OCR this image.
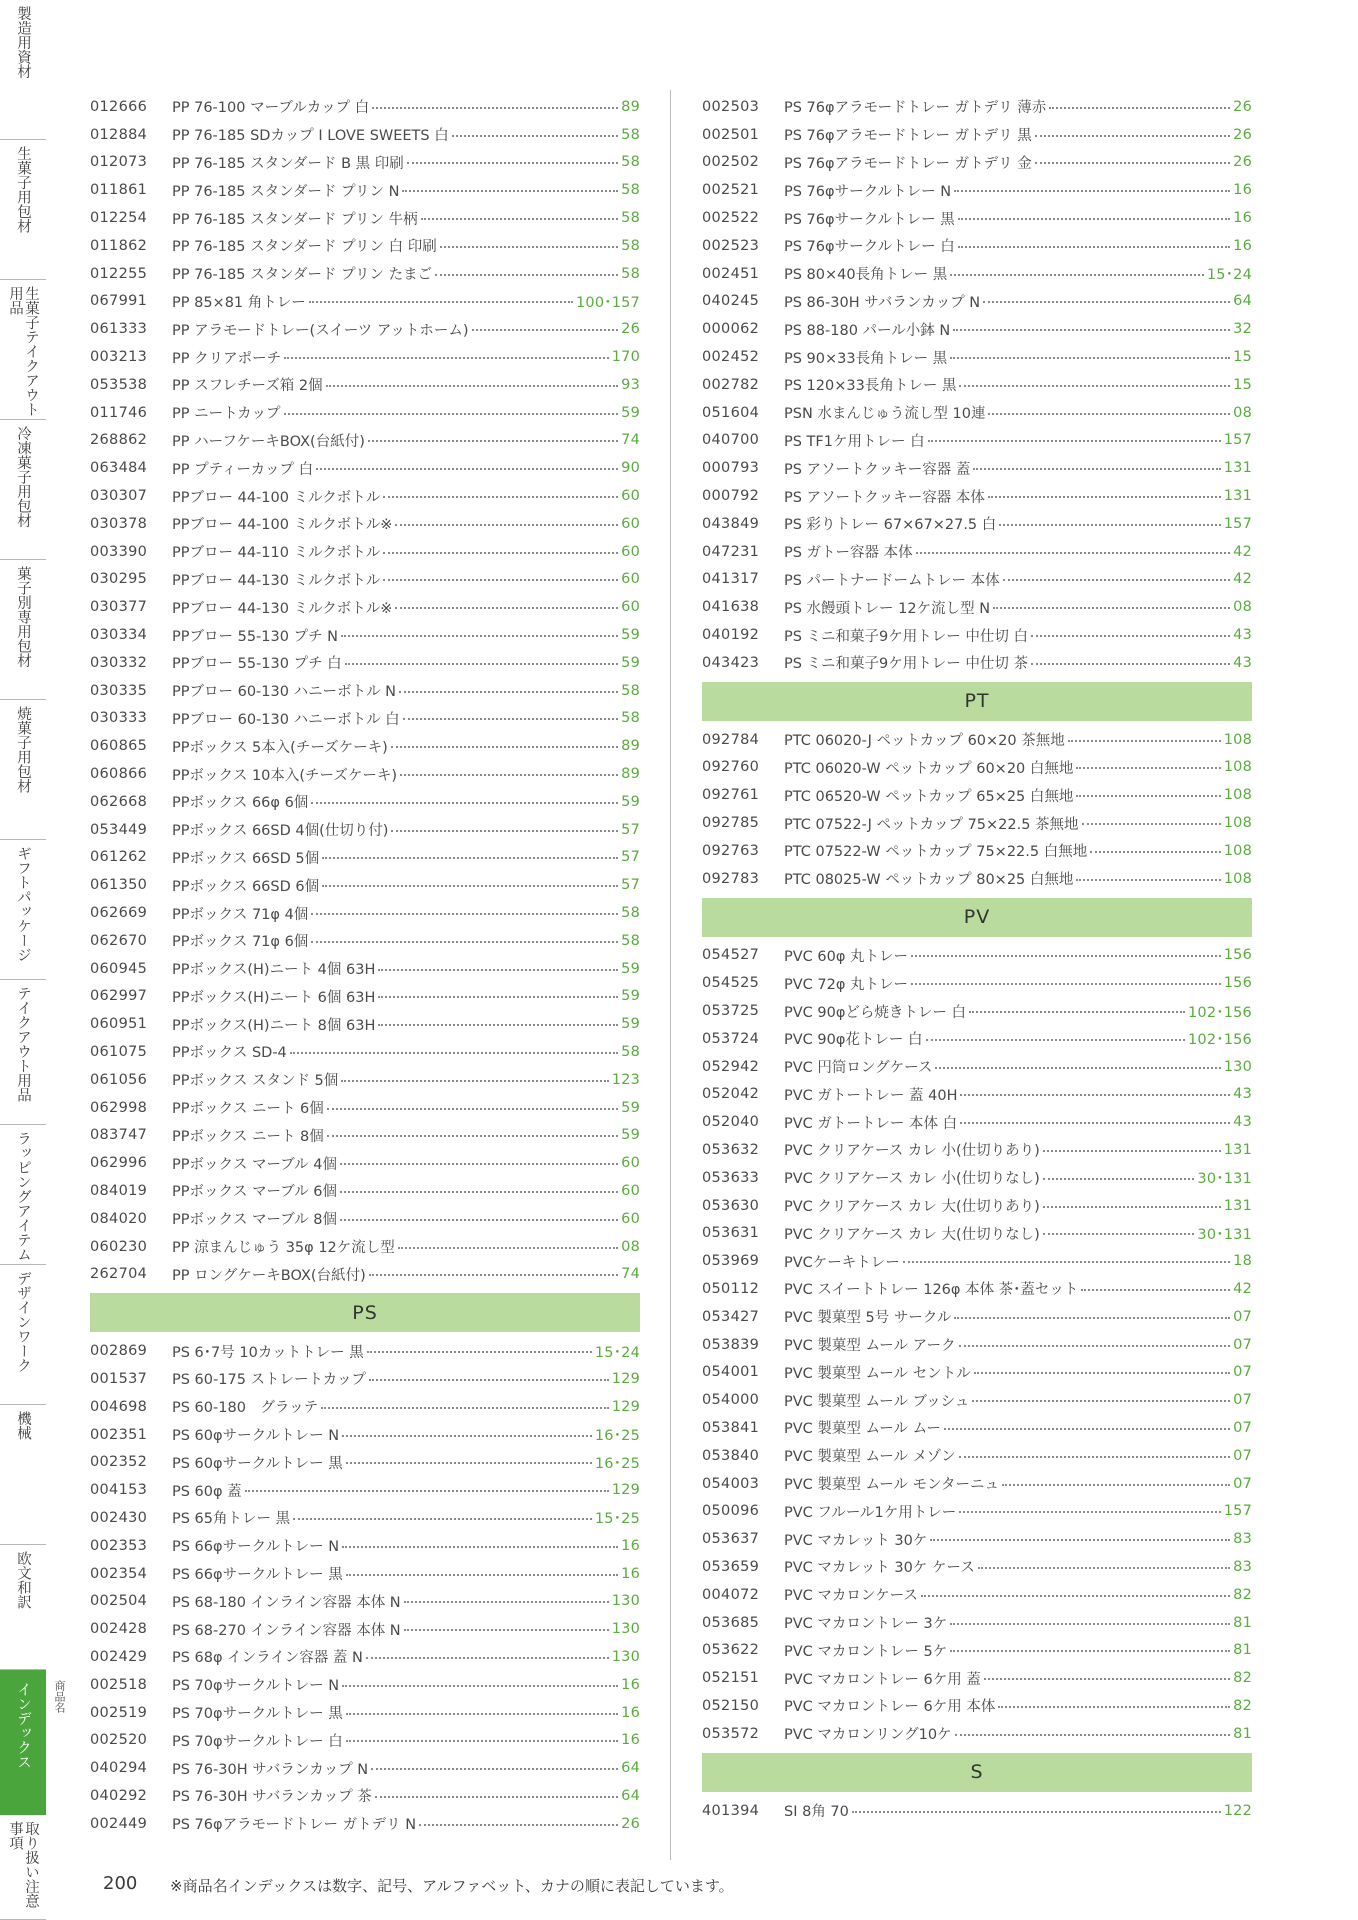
製造用資材
生菓子用包材
生菓子テイクアウト用品
冷凍菓子用包材
菓子別専用包材
焼菓子用包材
ギフトパッケージ
テイクアウト用品
ラッピングアイテム
デザインワーク
機械
欧文和訳
インデックス
取り扱い注意事項
商品名
012666	PP 76-100 マーブルカップ 白	89
012884	PP 76-185 SDカップ I LOVE SWEETS 白	58
012073	PP 76-185 スタンダード B 黒 印刷	58
011861	PP 76-185 スタンダード プリン N	58
012254	PP 76-185 スタンダード プリン 牛柄	58
011862	PP 76-185 スタンダード プリン 白 印刷	58
012255	PP 76-185 スタンダード プリン たまご	58
067991	PP 85×81 角トレー	100･157
061333	PP アラモードトレー(スイーツ アットホーム)	26
003213	PP クリアポーチ	170
053538	PP スフレチーズ箱 2個	93
011746	PP ニートカップ	59
268862	PP ハーフケーキBOX(台紙付)	74
063484	PP プティーカップ 白	90
030307	PPブロー 44-100 ミルクボトル	60
030378	PPブロー 44-100 ミルクボトル※	60
003390	PPブロー 44-110 ミルクボトル	60
030295	PPブロー 44-130 ミルクボトル	60
030377	PPブロー 44-130 ミルクボトル※	60
030334	PPブロー 55-130 プチ N	59
030332	PPブロー 55-130 プチ 白	59
030335	PPブロー 60-130 ハニーボトル N	58
030333	PPブロー 60-130 ハニーボトル 白	58
060865	PPボックス 5本入(チーズケーキ)	89
060866	PPボックス 10本入(チーズケーキ)	89
062668	PPボックス 66φ 6個	59
053449	PPボックス 66SD 4個(仕切り付)	57
061262	PPボックス 66SD 5個	57
061350	PPボックス 66SD 6個	57
062669	PPボックス 71φ 4個	58
062670	PPボックス 71φ 6個	58
060945	PPボックス(H)ニート 4個 63H	59
062997	PPボックス(H)ニート 6個 63H	59
060951	PPボックス(H)ニート 8個 63H	59
061075	PPボックス SD-4	58
061056	PPボックス スタンド 5個	123
062998	PPボックス ニート 6個	59
083747	PPボックス ニート 8個	59
062996	PPボックス マーブル 4個	60
084019	PPボックス マーブル 6個	60
084020	PPボックス マーブル 8個	60
060230	PP 涼まんじゅう 35φ 12ケ流し型	08
262704	PP ロングケーキBOX(台紙付)	74
PS
002869	PS 6･7号 10カットトレー 黒	15･24
001537	PS 60-175 ストレートカップ	129
004698	PS 60-180　グラッテ	129
002351	PS 60φサークルトレー N	16･25
002352	PS 60φサークルトレー 黒	16･25
004153	PS 60φ 蓋	129
002430	PS 65角トレー 黒	15･25
002353	PS 66φサークルトレー N	16
002354	PS 66φサークルトレー 黒	16
002504	PS 68-180 インライン容器 本体 N	130
002428	PS 68-270 インライン容器 本体 N	130
002429	PS 68φ インライン容器 蓋 N	130
002518	PS 70φサークルトレー N	16
002519	PS 70φサークルトレー 黒	16
002520	PS 70φサークルトレー 白	16
040294	PS 76-30H サバランカップ N	64
040292	PS 76-30H サバランカップ 茶	64
002449	PS 76φアラモードトレー ガトデリ N	26
002503	PS 76φアラモードトレー ガトデリ 薄赤	26
002501	PS 76φアラモードトレー ガトデリ 黒	26
002502	PS 76φアラモードトレー ガトデリ 金	26
002521	PS 76φサークルトレー N	16
002522	PS 76φサークルトレー 黒	16
002523	PS 76φサークルトレー 白	16
002451	PS 80×40長角トレー 黒	15･24
040245	PS 86-30H サバランカップ N	64
000062	PS 88-180 パール小鉢 N	32
002452	PS 90×33長角トレー 黒	15
002782	PS 120×33長角トレー 黒	15
051604	PSN 水まんじゅう流し型 10連	08
040700	PS TF1ケ用トレー 白	157
000793	PS アソートクッキー容器 蓋	131
000792	PS アソートクッキー容器 本体	131
043849	PS 彩りトレー 67×67×27.5 白	157
047231	PS ガトー容器 本体	42
041317	PS パートナードームトレー 本体	42
041638	PS 水饅頭トレー 12ケ流し型 N	08
040192	PS ミニ和菓子9ケ用トレー 中仕切 白	43
043423	PS ミニ和菓子9ケ用トレー 中仕切 茶	43
PT
092784	PTC 06020-J ペットカップ 60×20 茶無地	108
092760	PTC 06020-W ペットカップ 60×20 白無地	108
092761	PTC 06520-W ペットカップ 65×25 白無地	108
092785	PTC 07522-J ペットカップ 75×22.5 茶無地	108
092763	PTC 07522-W ペットカップ 75×22.5 白無地	108
092783	PTC 08025-W ペットカップ 80×25 白無地	108
PV
054527	PVC 60φ 丸トレー	156
054525	PVC 72φ 丸トレー	156
053725	PVC 90φどら焼きトレー 白	102･156
053724	PVC 90φ花トレー 白	102･156
052942	PVC 円筒ロングケース	130
052042	PVC ガトートレー 蓋 40H	43
052040	PVC ガトートレー 本体 白	43
053632	PVC クリアケース カレ 小(仕切りあり)	131
053633	PVC クリアケース カレ 小(仕切りなし)	30･131
053630	PVC クリアケース カレ 大(仕切りあり)	131
053631	PVC クリアケース カレ 大(仕切りなし)	30･131
053969	PVCケーキトレー	18
050112	PVC スイートトレー 126φ 本体 茶･蓋セット	42
053427	PVC 製菓型 5号 サークル	07
053839	PVC 製菓型 ムール アーク	07
054001	PVC 製菓型 ムール セントル	07
054000	PVC 製菓型 ムール ブッシュ	07
053841	PVC 製菓型 ムール ムー	07
053840	PVC 製菓型 ムール メゾン	07
054003	PVC 製菓型 ムール モンターニュ	07
050096	PVC フルール1ケ用トレー	157
053637	PVC マカレット 30ケ	83
053659	PVC マカレット 30ケ ケース	83
004072	PVC マカロンケース	82
053685	PVC マカロントレー 3ケ	81
053622	PVC マカロントレー 5ケ	81
052151	PVC マカロントレー 6ケ用 蓋	82
052150	PVC マカロントレー 6ケ用 本体	82
053572	PVC マカロンリング10ケ	81
S
401394	SI 8角 70	122
200 ※商品名インデックスは数字、記号、アルファベット、カナの順に表記しています。
